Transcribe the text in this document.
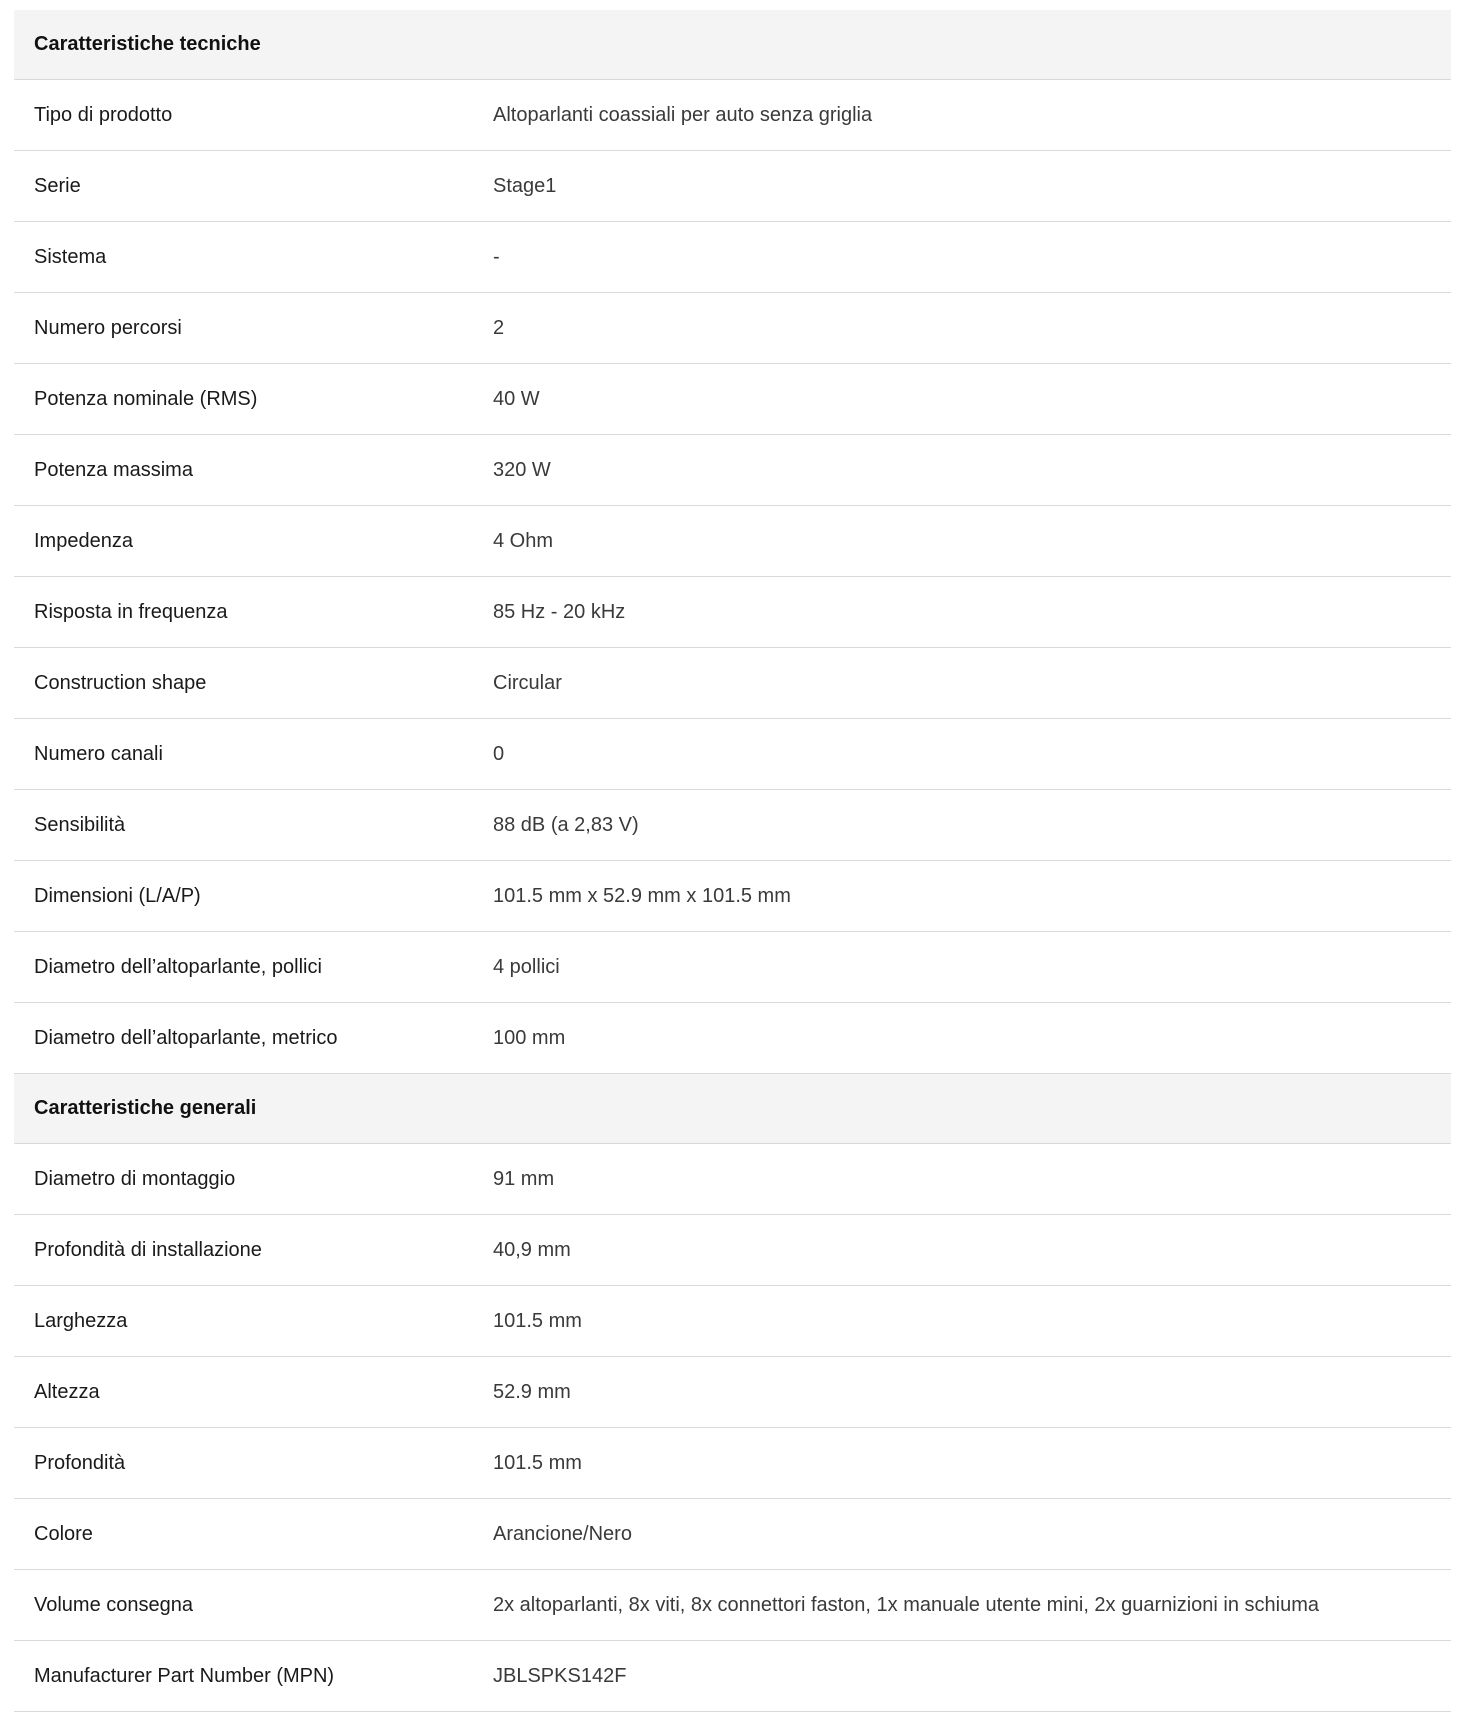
Caratteristiche tecniche
Tipo di prodotto	Altoparlanti coassiali per auto senza griglia
Serie	Stage1
Sistema	-
Numero percorsi	2
Potenza nominale (RMS)	40 W
Potenza massima	320 W
Impedenza	4 Ohm
Risposta in frequenza	85 Hz - 20 kHz
Construction shape	Circular
Numero canali	0
Sensibilità	88 dB (a 2,83 V)
Dimensioni (L/A/P)	101.5 mm x 52.9 mm x 101.5 mm
Diametro dell’altoparlante, pollici	4 pollici
Diametro dell’altoparlante, metrico	100 mm
Caratteristiche generali
Diametro di montaggio	91 mm
Profondità di installazione	40,9 mm
Larghezza	101.5 mm
Altezza	52.9 mm
Profondità	101.5 mm
Colore	Arancione/Nero
Volume consegna	2x altoparlanti, 8x viti, 8x connettori faston, 1x manuale utente mini, 2x guarnizioni in schiuma
Manufacturer Part Number (MPN)	JBLSPKS142F
